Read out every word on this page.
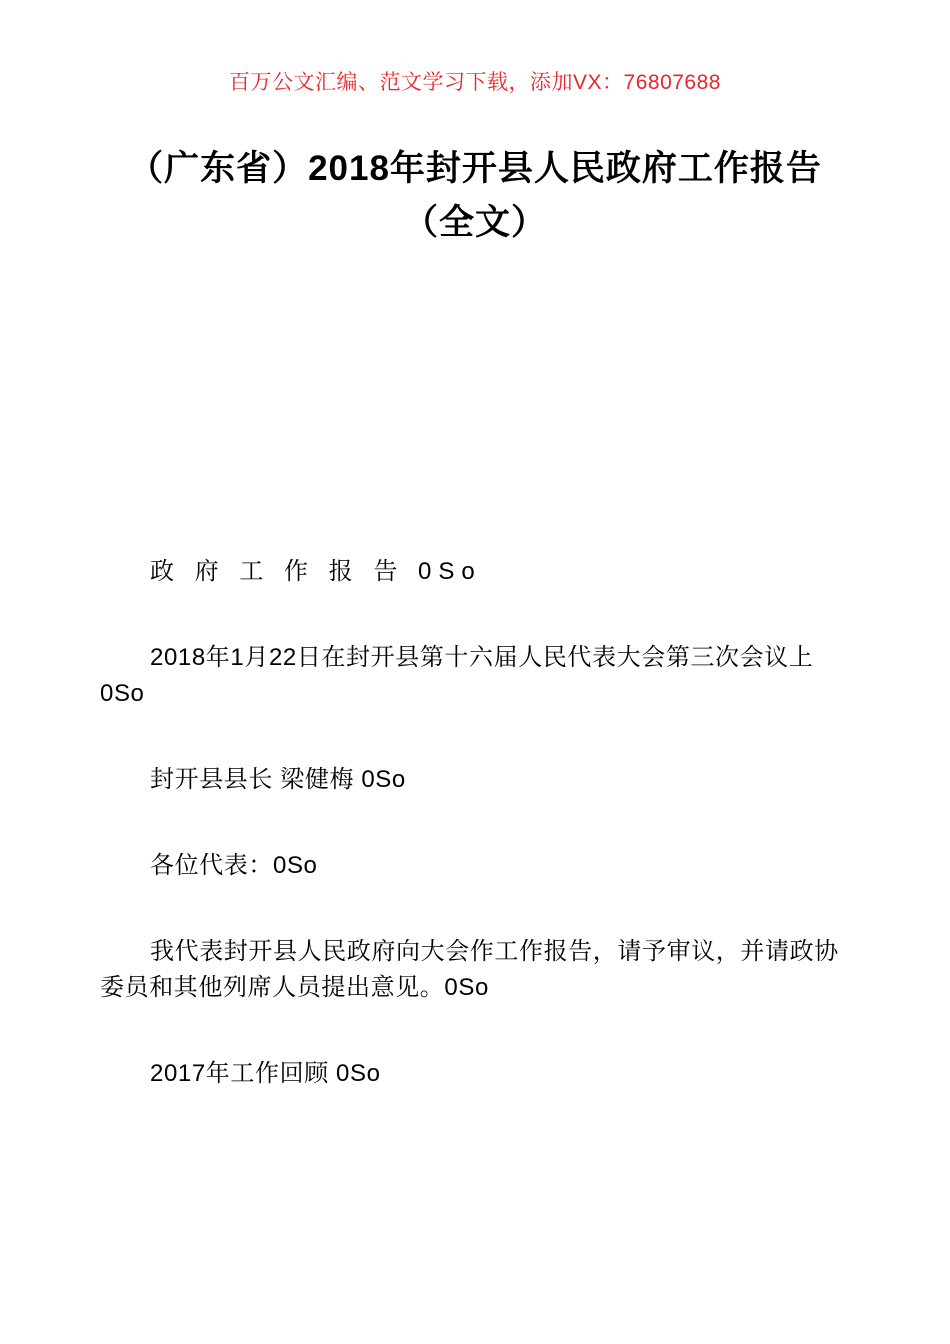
百万公文汇编、范文学习下载，添加VX：76807688
（广东省）2018年封开县人民政府工作报告（全文）

政 府 工 作 报 告 0So

2018年1月22日在封开县第十六届人民代表大会第三次会议上0So

封开县县长 梁健梅 0So

各位代表：0So

我代表封开县人民政府向大会作工作报告，请予审议，并请政协委员和其他列席人员提出意见。0So

2017年工作回顾 0So
